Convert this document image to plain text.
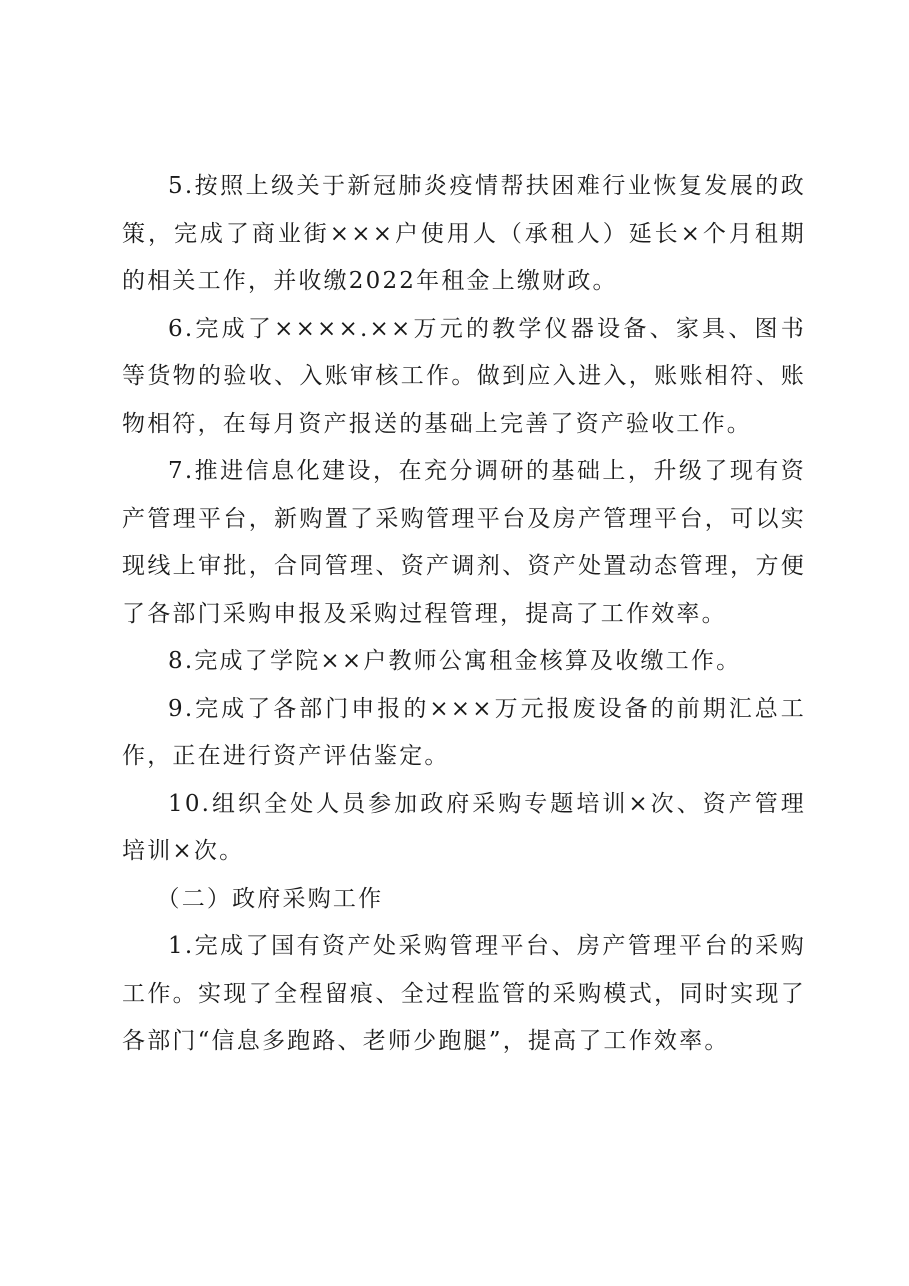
5.按照上级关于新冠肺炎疫情帮扶困难行业恢复发展的政策，完成了商业街×××户使用人（承租人）延长×个月租期的相关工作，并收缴2022年租金上缴财政。

6.完成了××××.××万元的教学仪器设备、家具、图书等货物的验收、入账审核工作。做到应入进入，账账相符、账物相符，在每月资产报送的基础上完善了资产验收工作。

7.推进信息化建设，在充分调研的基础上，升级了现有资产管理平台，新购置了采购管理平台及房产管理平台，可以实现线上审批，合同管理、资产调剂、资产处置动态管理，方便了各部门采购申报及采购过程管理，提高了工作效率。

8.完成了学院××户教师公寓租金核算及收缴工作。

9.完成了各部门申报的×××万元报废设备的前期汇总工作，正在进行资产评估鉴定。

10.组织全处人员参加政府采购专题培训×次、资产管理培训×次。

（二）政府采购工作

1.完成了国有资产处采购管理平台、房产管理平台的采购工作。实现了全程留痕、全过程监管的采购模式，同时实现了各部门“信息多跑路、老师少跑腿”，提高了工作效率。
